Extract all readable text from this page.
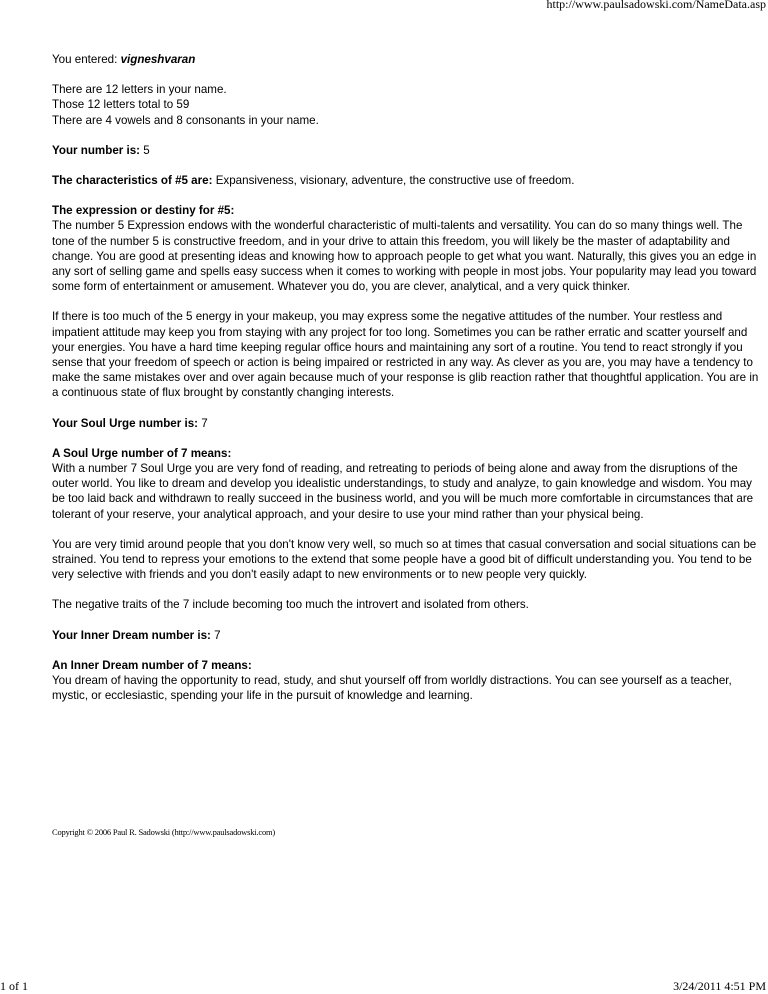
http://www.paulsadowski.com/NameData.asp

You entered: vigneshvaran

There are 12 letters in your name.

Those 12 letters total to 59

There are 4 vowels and 8 consonants in your name.

Your number is: 5

The characteristics of #5 are: Expansiveness, visionary, adventure, the constructive use of freedom.

The expression or destiny for #5:

The number 5 Expression endows with the wonderful characteristic of multi-talents and versatility. You can do so many things well. The tone of the number 5 is constructive freedom, and in your drive to attain this freedom, you will likely be the master of adaptability and change. You are good at presenting ideas and knowing how to approach people to get what you want. Naturally, this gives you an edge in any sort of selling game and spells easy success when it comes to working with people in most jobs. Your popularity may lead you toward some form of entertainment or amusement. Whatever you do, you are clever, analytical, and a very quick thinker.

If there is too much of the 5 energy in your makeup, you may express some the negative attitudes of the number. Your restless and impatient attitude may keep you from staying with any project for too long. Sometimes you can be rather erratic and scatter yourself and your energies. You have a hard time keeping regular office hours and maintaining any sort of a routine. You tend to react strongly if you sense that your freedom of speech or action is being impaired or restricted in any way. As clever as you are, you may have a tendency to make the same mistakes over and over again because much of your response is glib reaction rather that thoughtful application. You are in a continuous state of flux brought by constantly changing interests.

Your Soul Urge number is: 7

A Soul Urge number of 7 means:

With a number 7 Soul Urge you are very fond of reading, and retreating to periods of being alone and away from the disruptions of the outer world. You like to dream and develop you idealistic understandings, to study and analyze, to gain knowledge and wisdom. You may be too laid back and withdrawn to really succeed in the business world, and you will be much more comfortable in circumstances that are tolerant of your reserve, your analytical approach, and your desire to use your mind rather than your physical being.

You are very timid around people that you don't know very well, so much so at times that casual conversation and social situations can be strained. You tend to repress your emotions to the extend that some people have a good bit of difficult understanding you. You tend to be very selective with friends and you don't easily adapt to new environments or to new people very quickly.

The negative traits of the 7 include becoming too much the introvert and isolated from others.

Your Inner Dream number is: 7

An Inner Dream number of 7 means:

You dream of having the opportunity to read, study, and shut yourself off from worldly distractions. You can see yourself as a teacher, mystic, or ecclesiastic, spending your life in the pursuit of knowledge and learning.

Copyright © 2006 Paul R. Sadowski (http://www.paulsadowski.com)
1 of 1	3/24/2011 4:51 PM
